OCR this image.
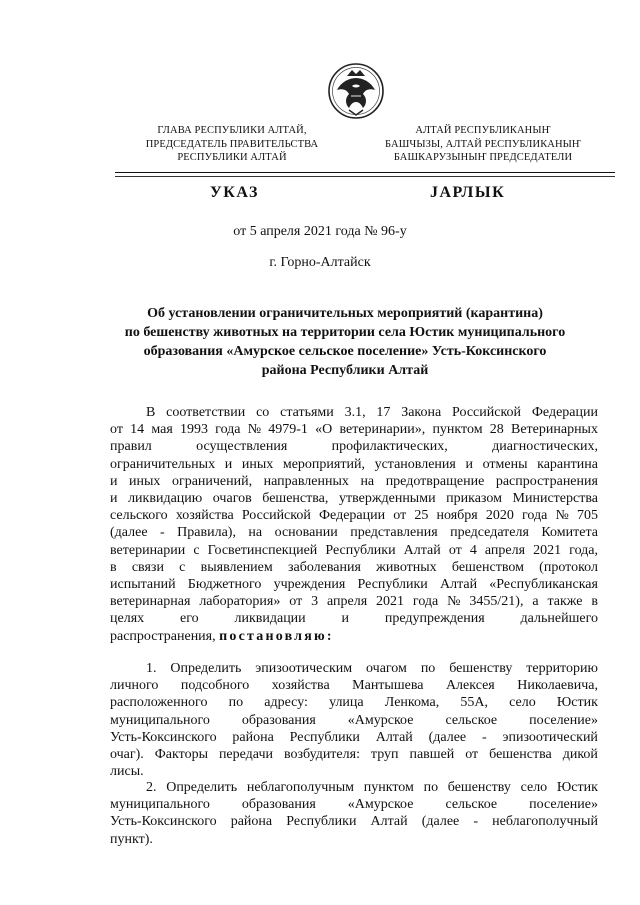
ГЛАВА РЕСПУБЛИКИ АЛТАЙ,
ПРЕДСЕДАТЕЛЬ ПРАВИТЕЛЬСТВА
РЕСПУБЛИКИ АЛТАЙ
АЛТАЙ РЕСПУБЛИКАНЫҤ
БАШЧЫЗЫ, АЛТАЙ РЕСПУБЛИКАНЫҤ
БАШКАРУЗЫНЫҤ ПРЕДСЕДАТЕЛИ
УКАЗ	JАРЛЫК
от 5 апреля 2021 года № 96-у
г. Горно-Алтайск
Об установлении ограничительных мероприятий (карантина)
по бешенству животных на территории села Юстик муниципального
образования «Амурское сельское поселение» Усть-Коксинского
района Республики Алтай
В соответствии со статьями 3.1, 17 Закона Российской Федерации
от 14 мая 1993 года № 4979-1 «О ветеринарии», пунктом 28 Ветеринарных
правил	осуществления	профилактических,	диагностических,
ограничительных и иных мероприятий, установления и отмены карантина
и иных ограничений, направленных на предотвращение распространения
и ликвидацию очагов бешенства, утвержденными приказом Министерства
сельского хозяйства Российской Федерации от 25 ноября 2020 года № 705
(далее - Правила), на основании представления председателя Комитета
ветеринарии с Госветинспекцией Республики Алтай от 4 апреля 2021 года,
в связи с выявлением заболевания животных бешенством (протокол
испытаний Бюджетного учреждения Республики Алтай «Республиканская
ветеринарная лаборатория» от 3 апреля 2021 года № 3455/21), а также в
целях	его	ликвидации	и	предупреждения	дальнейшего
распространения, постановляю:
1. Определить эпизоотическим очагом по бешенству территорию
личного подсобного хозяйства Мантышева Алексея Николаевича,
расположенного по адресу: улица Ленкома, 55А, село Юстик
муниципального образования «Амурское сельское поселение»
Усть-Коксинского района Республики Алтай (далее - эпизоотический
очаг). Факторы передачи возбудителя: труп павшей от бешенства дикой
лисы.
2. Определить неблагополучным пунктом по бешенству село Юстик
муниципального образования «Амурское сельское поселение»
Усть-Коксинского района Республики Алтай (далее - неблагополучный
пункт).
